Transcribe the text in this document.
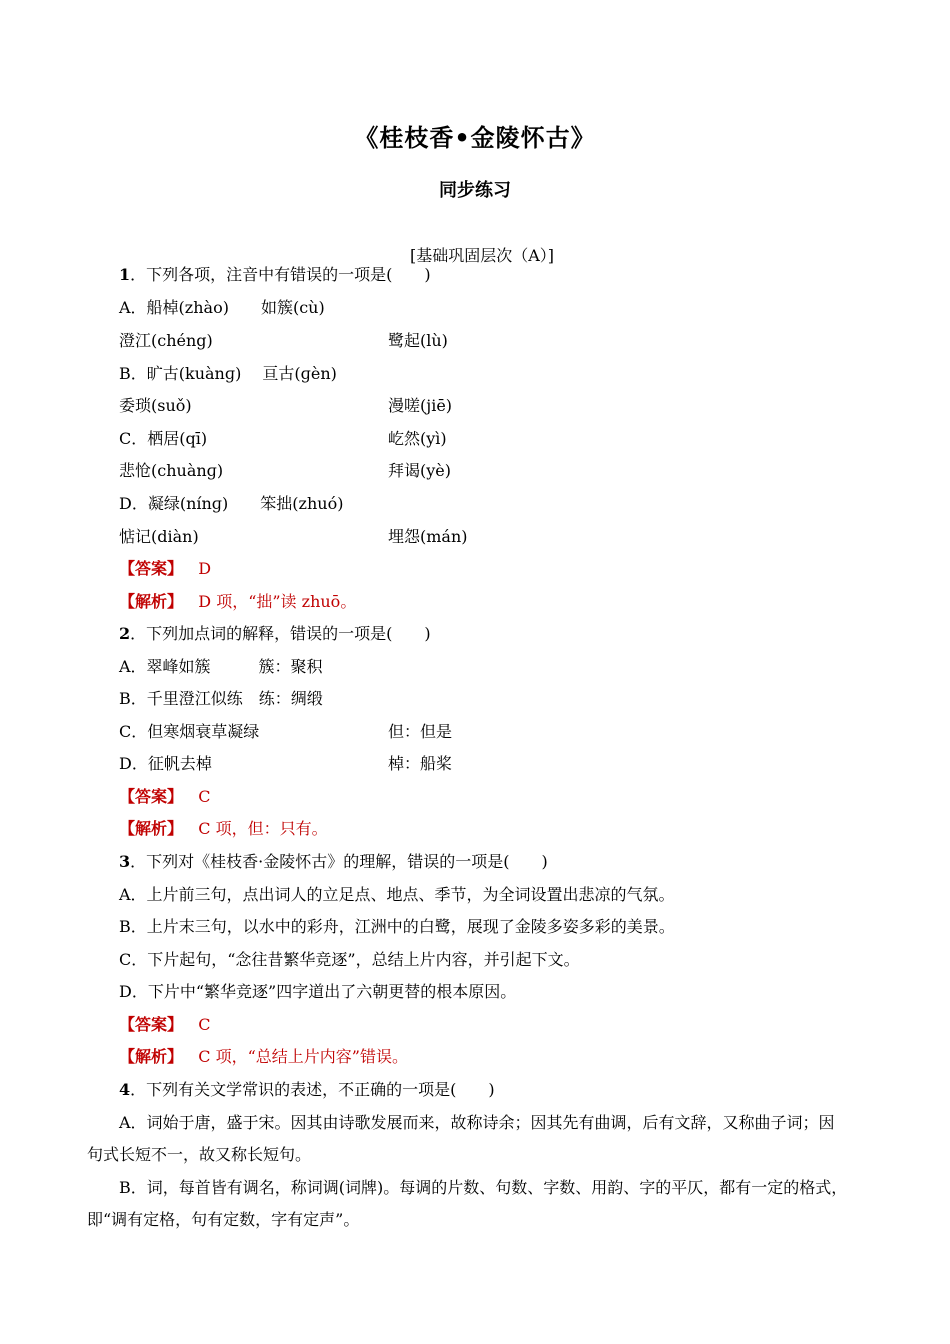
《桂枝香•金陵怀古》
同步练习
[基础巩固层次（A）]
1．下列各项，注音中有错误的一项是(　　)
A．船棹(zhào)　　如簇(cù)
澄江(chéng)	鹭起(lù)
B．旷古(kuànɡ)　 亘古(ɡèn)
委琐(suǒ)	漫嗟(jiē)
C．栖居(qī)	屹然(yì)
悲怆(chuànɡ)	拜谒(yè)
D．凝绿(nínɡ)　　笨拙(zhuó)
惦记(diàn)	埋怨(mán)
【答案】 D
【解析】 D 项，“拙”读 zhuō。
2．下列加点词的解释，错误的一项是(　　)
A．翠峰如簇　　　簇：聚积
B．千里澄江似练　练：绸缎
C．但寒烟衰草凝绿	但：但是
D．征帆去棹	棹：船桨
【答案】 C
【解析】 C 项，但：只有。
3．下列对《桂枝香·金陵怀古》的理解，错误的一项是(　　)
A．上片前三句，点出词人的立足点、地点、季节，为全词设置出悲凉的气氛。
B．上片末三句，以水中的彩舟，江洲中的白鹭，展现了金陵多姿多彩的美景。
C．下片起句，“念往昔繁华竞逐”，总结上片内容，并引起下文。
D．下片中“繁华竞逐”四字道出了六朝更替的根本原因。
【答案】 C
【解析】 C 项，“总结上片内容”错误。
4．下列有关文学常识的表述，不正确的一项是(　　)
A．词始于唐，盛于宋。因其由诗歌发展而来，故称诗余；因其先有曲调，后有文辞，又称曲子词；因
句式长短不一，故又称长短句。
B．词，每首皆有调名，称词调(词牌)。每调的片数、句数、字数、用韵、字的平仄，都有一定的格式，
即“调有定格，句有定数，字有定声”。
